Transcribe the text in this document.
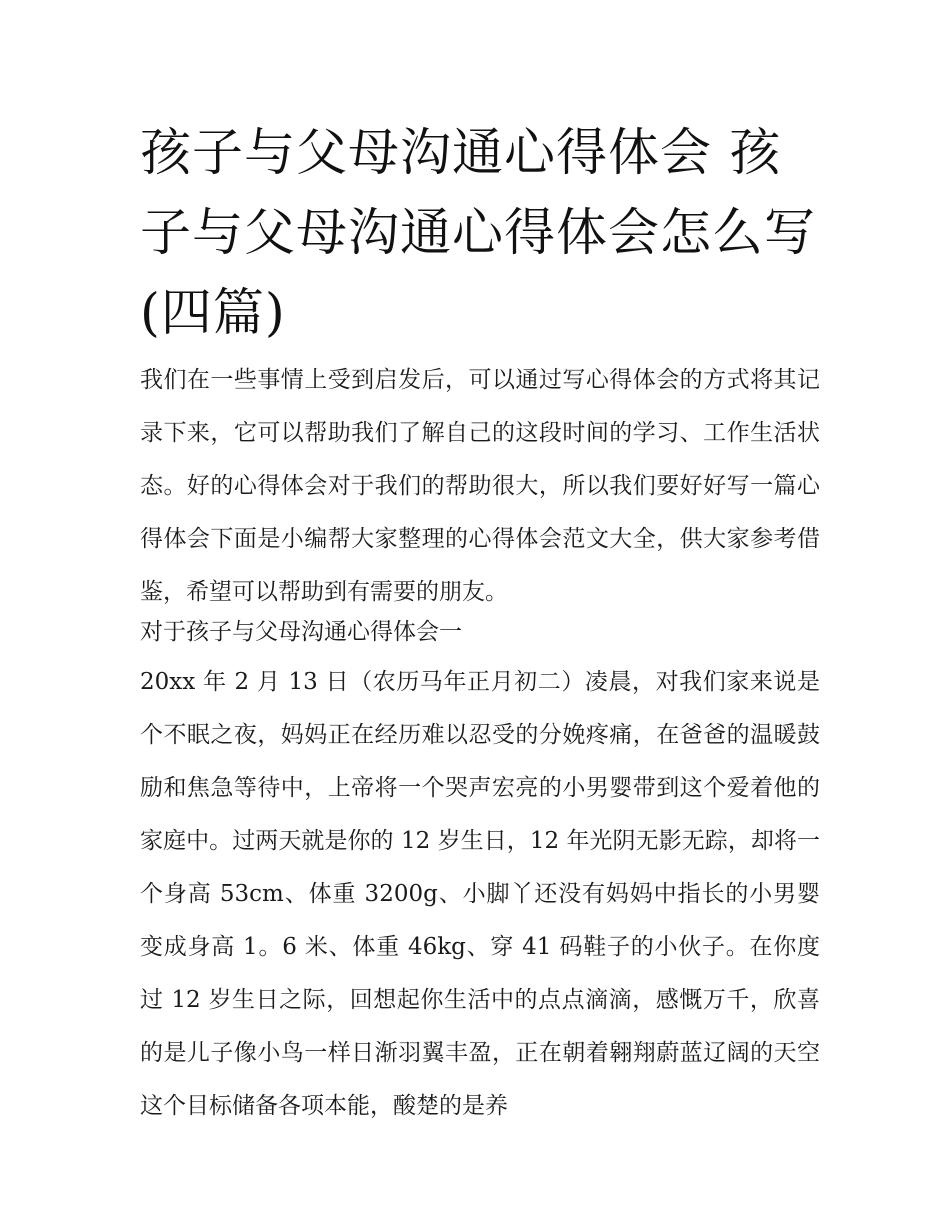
孩子与父母沟通心得体会 孩子与父母沟通心得体会怎么写(四篇)

我们在一些事情上受到启发后，可以通过写心得体会的方式将其记录下来，它可以帮助我们了解自己的这段时间的学习、工作生活状态。好的心得体会对于我们的帮助很大，所以我们要好好写一篇心得体会下面是小编帮大家整理的心得体会范文大全，供大家参考借鉴，希望可以帮助到有需要的朋友。

对于孩子与父母沟通心得体会一

20xx 年 2 月 13 日（农历马年正月初二）凌晨，对我们家来说是个不眠之夜，妈妈正在经历难以忍受的分娩疼痛，在爸爸的温暖鼓励和焦急等待中，上帝将一个哭声宏亮的小男婴带到这个爱着他的家庭中。过两天就是你的 12 岁生日，12 年光阴无影无踪，却将一个身高 53cm、体重 3200g、小脚丫还没有妈妈中指长的小男婴变成身高 1。6 米、体重 46kg、穿 41 码鞋子的小伙子。在你度过 12 岁生日之际，回想起你生活中的点点滴滴，感慨万千，欣喜的是儿子像小鸟一样日渐羽翼丰盈，正在朝着翱翔蔚蓝辽阔的天空这个目标储备各项本能，酸楚的是养
